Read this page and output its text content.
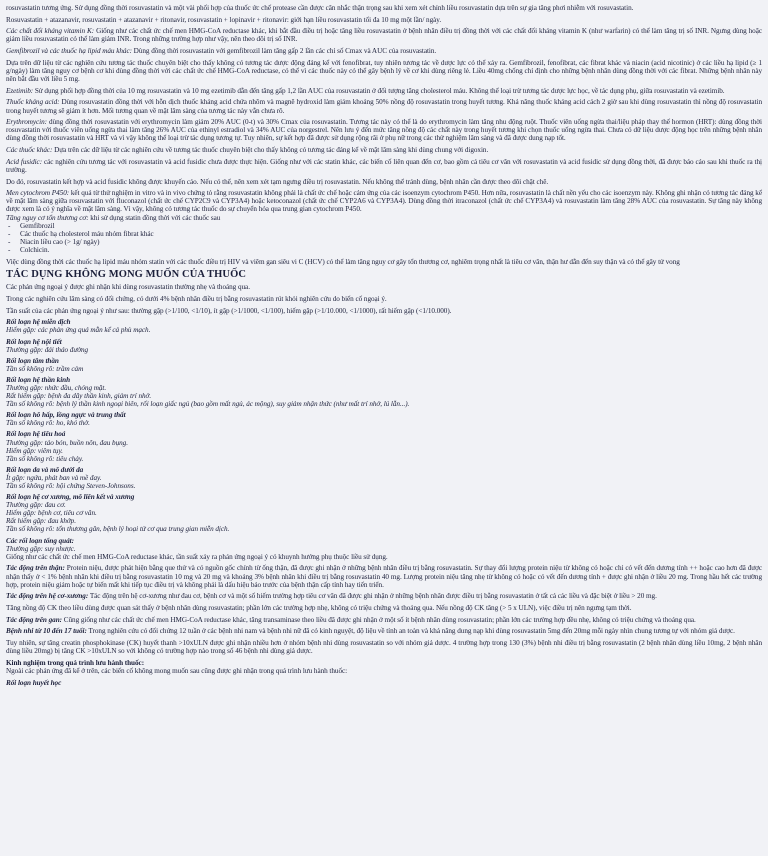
rosuvastatin tương ứng. Sử dụng đồng thời rosuvastatin và một vài phối hợp của thuốc ức chế protease cần được cân nhắc thận trọng sau khi xem xét chỉnh liều rosuvastatin dựa trên sự gia tăng phơi nhiễm với rosuvastatin.

Rosuvastatin + atazanavir, rosuvastatin + atazanavir + ritonavir, rosuvastatin + lopinavir + ritonavir: giới hạn liều rosuvastatin tối đa 10 mg một lần/ ngày.

Các chất đối kháng vitamin K: Giống như các chất ức chế men HMG-CoA reductase khác, khi bắt đầu điều trị hoặc tăng liều rosuvastatin ở bệnh nhân điều trị đồng thời với các chất đối kháng vitamin K (như warfarin) có thể làm tăng trị số INR. Ngưng dùng hoặc giảm liều rosuvastatin có thể làm giảm INR. Trong những trường hợp như vậy, nên theo dõi trị số INR.

Gemfibrozil và các thuốc hạ lipid máu khác: Dùng đồng thời rosuvastatin với gemfibrozil làm tăng gấp 2 lần các chỉ số Cmax và AUC của rosuvastatin.

Dựa trên dữ liệu từ các nghiên cứu tương tác thuốc chuyên biệt cho thấy không có tương tác dược động đáng kể với fenofibrat, tuy nhiên tương tác về dược lực có thể xảy ra. Gemfibrozil, fenofibrat, các fibrat khác và niacin (acid nicotinic) ở các liều hạ lipid (≥ 1 g/ngày) làm tăng nguy cơ bệnh cơ khi dùng đồng thời với các chất ức chế HMG-CoA reductase, có thể vì các thuốc này có thể gây bệnh lý về cơ khi dùng riêng lẻ. Liều 40mg chống chỉ định cho những bệnh nhân dùng đồng thời với các fibrat. Những bệnh nhân này nên bắt đầu với liều 5 mg.

Ezetimib: Sử dụng phối hợp đồng thời của 10 mg rosuvastatin và 10 mg ezetimib dẫn đến tăng gấp 1,2 lần AUC của rosuvastatin ở đối tượng tăng cholesterol máu. Không thể loại trừ tương tác dược lực học, về tác dụng phụ, giữa rosuvastatin và ezetimib.

Thuốc kháng acid: Dùng rosuvastatin đồng thời với hỗn dịch thuốc kháng acid chứa nhôm và magnê hydroxid làm giảm khoảng 50% nồng độ rosuvastatin trong huyết tương. Khả năng thuốc kháng acid cách 2 giờ sau khi dùng rosuvastatin thì nồng độ rosuvastatin trong huyết tương sẽ giảm ít hơn. Mối tương quan về mặt lâm sàng của tương tác này vẫn chưa rõ.

Erythromycin: dùng đồng thời rosuvastatin với erythromycin làm giảm 20% AUC (0-t) và 30% Cmax của rosuvastatin. Tương tác này có thể là do erythromycin làm tăng nhu động ruột. Thuốc viên uống ngừa thai/liệu pháp thay thế hormon (HRT): dùng đồng thời rosuvastatin với thuốc viên uống ngừa thai làm tăng 26% AUC của ethinyl estradiol và 34% AUC của norgestrel. Nên lưu ý đến mức tăng nồng độ các chất này trong huyết tương khi chọn thuốc uống ngừa thai. Chưa có dữ liệu dược động học trên những bệnh nhân dùng đồng thời rosuvastatin và HRT và vì vậy không thể loại trừ tác dụng tương tự. Tuy nhiên, sự kết hợp đã được sử dụng rộng rãi ở phụ nữ trong các thử nghiệm lâm sàng và đã được dung nạp tốt.

Các thuốc khác: Dựa trên các dữ liệu từ các nghiên cứu về tương tác thuốc chuyên biệt cho thấy không có tương tác đáng kể về mặt lâm sàng khi dùng chung với digoxin.

Acid fusidic: các nghiên cứu tương tác với rosuvastatin và acid fusidic chưa được thực hiện. Giống như với các statin khác, các biến cố liên quan đến cơ, bao gồm cả tiêu cơ vân với rosuvastatin và acid fusidic sử dụng đồng thời, đã được báo cáo sau khi thuốc ra thị trường.

Do đó, rosuvastatin kết hợp và acid fusidic không được khuyến cáo. Nếu có thể, nên xem xét tạm ngưng điều trị rosuvastatin. Nếu không thể tránh dùng, bệnh nhân cần được theo dõi chặt chẽ.

Men cytochrom P450: kết quả từ thử nghiệm in vitro và in vivo chứng tỏ rằng rosuvastatin không phải là chất ức chế hoặc cảm ứng của các isoenzym cytochrom P450. Hơn nữa, rosuvastatin là chất nền yếu cho các isoenzym này. Không ghi nhận có tương tác đáng kể về mặt lâm sàng giữa rosuvastatin với fluconazol (chất ức chế CYP2C9 và CYP3A4) hoặc ketoconazol (chất ức chế CYP2A6 và CYP3A4). Dùng đồng thời itraconazol (chất ức chế CYP3A4) và rosuvastatin làm tăng 28% AUC của rosuvastatin. Sự tăng này không được xem là có ý nghĩa về mặt lâm sàng. Vì vậy, không có tương tác thuốc do sự chuyển hóa qua trung gian cytochrom P450.

Tăng nguy cơ tổn thương cơ: khi sử dụng statin đồng thời với các thuốc sau

- Gemfibrozil

- Các thuốc hạ cholesterol máu nhóm fibrat khác

- Niacin liều cao (> 1g/ ngày)

- Colchicin.

Việc dùng đồng thời các thuốc hạ lipid máu nhóm statin với các thuốc điều trị HIV và viêm gan siêu vi C (HCV) có thể làm tăng nguy cơ gây tổn thương cơ, nghiêm trọng nhất là tiêu cơ vân, thận hư dẫn đến suy thận và có thể gây tử vong

TÁC DỤNG KHÔNG MONG MUỐN CỦA THUỐC

Các phản ứng ngoại ý được ghi nhận khi dùng rosuvastatin thường nhẹ và thoáng qua.

Trong các nghiên cứu lâm sàng có đối chứng, có dưới 4% bệnh nhân điều trị bằng rosuvastatin rút khỏi nghiên cứu do biến cố ngoại ý.

Tần suất của các phản ứng ngoại ý như sau: thường gặp (>1/100, <1/10), ít gặp (>1/1000, <1/100), hiếm gặp (>1/10.000, <1/1000), rất hiếm gặp (<1/10.000).

Rối loạn hệ miễn dịch

Hiếm gặp: các phản ứng quá mẫn kể cả phù mạch.

Rối loạn hệ nội tiết

Thường gặp: đái tháo đường

Rối loạn tâm thần

Tần số không rõ: trầm cảm

Rối loạn hệ thần kinh

Thường gặp: nhức đầu, chóng mặt.

Rất hiếm gặp: bệnh đa dây thần kinh, giảm trí nhớ.

Tần số không rõ: bệnh lý thần kinh ngoại biên, rối loạn giấc ngủ (bao gồm mất ngủ, ác mộng), suy giảm nhận thức (như mất trí nhớ, lú lẫn...).

Rối loạn hô hấp, lồng ngực và trung thất

Tần số không rõ: ho, khó thở.

Rối loạn hệ tiêu hoá

Thường gặp: táo bón, buồn nôn, đau bụng.

Hiếm gặp: viêm tụy.

Tần số không rõ: tiêu chảy.

Rối loạn da và mô dưới da

Ít gặp: ngứa, phát ban và mề đay.

Tần số không rõ: hội chứng Steven-Johnsons.

Rối loạn hệ cơ xương, mô liên kết và xương

Thường gặp: đau cơ.

Hiếm gặp: bệnh cơ, tiêu cơ vân.

Rất hiếm gặp: đau khớp.

Tần số không rõ: tổn thương gân, bệnh lý hoại tử cơ qua trung gian miễn dịch.

Các rối loạn tổng quát:

Thường gặp: suy nhược.

Giống như các chất ức chế men HMG-CoA reductase khác, tần suất xảy ra phản ứng ngoại ý có khuynh hướng phụ thuộc liều sử dụng.

Tác động trên thận: Protein niệu, được phát hiện bằng que thử và có nguồn gốc chính từ ống thận, đã được ghi nhận ở những bệnh nhân điều trị bằng rosuvastatin. Sự thay đổi lượng protein niệu từ không có hoặc chỉ có vết đến dương tính ++ hoặc cao hơn đã được nhận thấy ở < 1% bệnh nhân khi điều trị bằng rosuvastatin 10 mg và 20 mg và khoảng 3% bệnh nhân khi điều trị bằng rosuvastatin 40 mg. Lượng protein niệu tăng nhẹ từ không có hoặc có vết đến dương tính + được ghi nhận ở liều 20 mg. Trong hầu hết các trường hợp, protein niệu giảm hoặc tự biến mất khi tiếp tục điều trị và không phải là dấu hiệu báo trước của bệnh thận cấp tính hay tiến triển.

Tác động trên hệ cơ-xương: Tác động trên hệ cơ-xương như đau cơ, bệnh cơ và một số hiếm trường hợp tiêu cơ vân đã được ghi nhận ở những bệnh nhân được điều trị bằng rosuvastatin ở tất cả các liều và đặc biệt ở liều > 20 mg.

Tăng nồng độ CK theo liều dùng được quan sát thấy ở bệnh nhân dùng rosuvastatin; phần lớn các trường hợp nhẹ, không có triệu chứng và thoáng qua. Nếu nồng độ CK tăng (> 5 x ULN), việc điều trị nên ngưng tạm thời.

Tác động trên gan: Cũng giống như các chất ức chế men HMG-CoA reductase khác, tăng transaminase theo liều đã được ghi nhận ở một số ít bệnh nhân dùng rosuvastatin; phần lớn các trường hợp đều nhẹ, không có triệu chứng và thoáng qua.

Bệnh nhi từ 10 đến 17 tuổi: Trong nghiên cứu có đối chứng 12 tuần ở các bệnh nhi nam và bệnh nhi nữ đã có kinh nguyệt, độ liệu về tính an toàn và khả năng dung nạp khi dùng rosuvastatin 5mg đến 20mg mỗi ngày nhìn chung tương tự với nhóm giả dược.

Tuy nhiên, sự tăng creatin phosphokinase (CK) huyết thanh >10xULN được ghi nhận nhiều hơn ở nhóm bệnh nhi dùng rosuvastatin so với nhóm giả dược. 4 trường hợp trong 130 (3%) bệnh nhi điều trị bằng rosuvastatin (2 bệnh nhân dùng liều 10mg, 2 bệnh nhân dùng liều 20mg) bị tăng CK >10xULN so với không có trường hợp nào trong số 46 bệnh nhi dùng giả dược.

Kinh nghiệm trong quá trình lưu hành thuốc:

Ngoài các phản ứng đã kể ở trên, các biến cố không mong muốn sau cũng được ghi nhận trong quá trình lưu hành thuốc:

Rối loạn huyết học
